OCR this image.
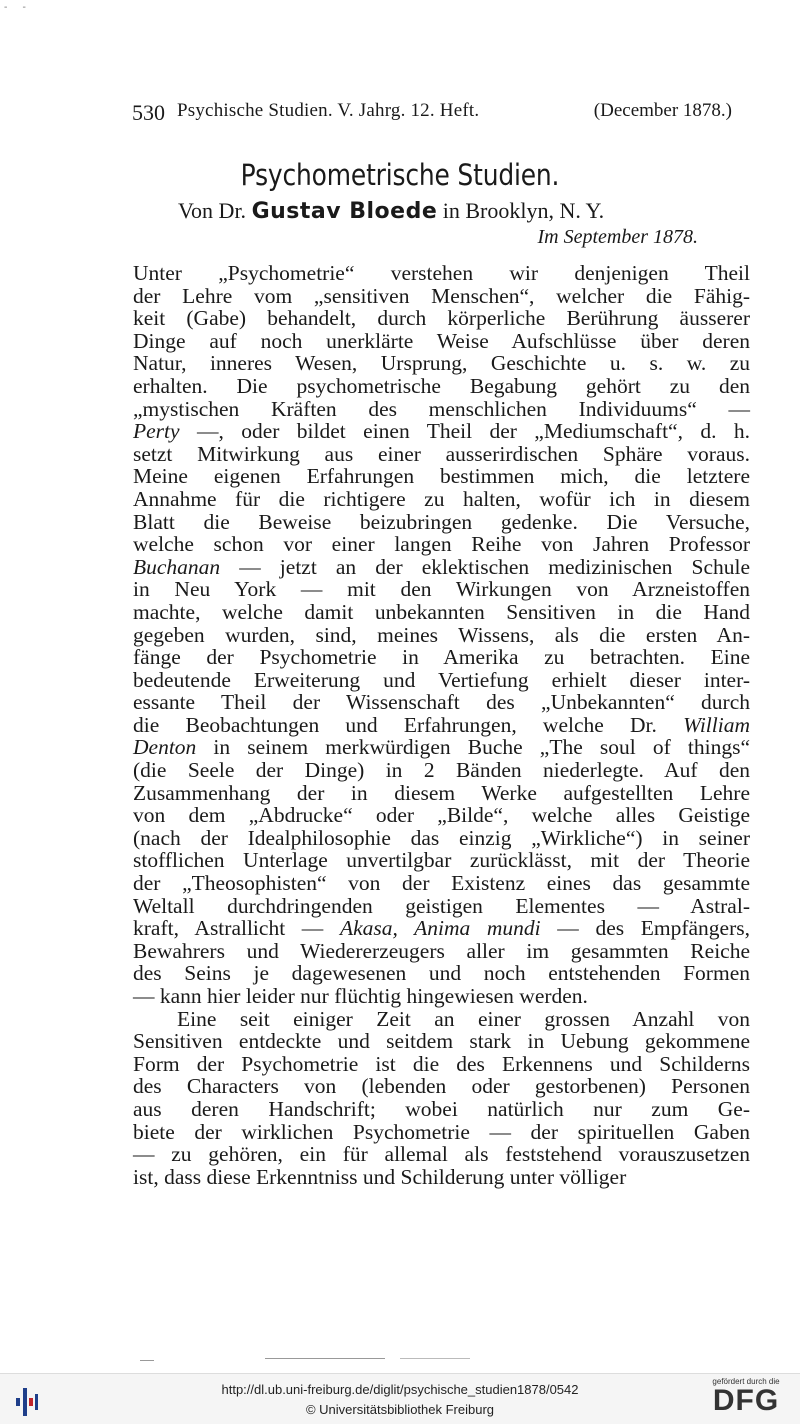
- -
530 Psychische Studien. V. Jahrg. 12. Heft.	(December 1878.)
Psychometrische Studien.
Von Dr. Gustav Bloede in Brooklyn, N. Y.
Im September 1878.
Unter „Psychometrie“ verstehen wir denjenigen Theil
der Lehre vom „sensitiven Menschen“, welcher die Fähig-
keit (Gabe) behandelt, durch körperliche Berührung äusserer
Dinge auf noch unerklärte Weise Aufschlüsse über deren
Natur, inneres Wesen, Ursprung, Geschichte u. s. w. zu
erhalten. Die psychometrische Begabung gehört zu den
„mystischen Kräften des menschlichen Individuums“ —
Perty —, oder bildet einen Theil der „Mediumschaft“, d. h.
setzt Mitwirkung aus einer ausserirdischen Sphäre voraus.
Meine eigenen Erfahrungen bestimmen mich, die letztere
Annahme für die richtigere zu halten, wofür ich in diesem
Blatt die Beweise beizubringen gedenke. Die Versuche,
welche schon vor einer langen Reihe von Jahren Professor
Buchanan — jetzt an der eklektischen medizinischen Schule
in Neu York — mit den Wirkungen von Arzneistoffen
machte, welche damit unbekannten Sensitiven in die Hand
gegeben wurden, sind, meines Wissens, als die ersten An-
fänge der Psychometrie in Amerika zu betrachten. Eine
bedeutende Erweiterung und Vertiefung erhielt dieser inter-
essante Theil der Wissenschaft des „Unbekannten“ durch
die Beobachtungen und Erfahrungen, welche Dr. William
Denton in seinem merkwürdigen Buche „The soul of things“
(die Seele der Dinge) in 2 Bänden niederlegte. Auf den
Zusammenhang der in diesem Werke aufgestellten Lehre
von dem „Abdrucke“ oder „Bilde“, welche alles Geistige
(nach der Idealphilosophie das einzig „Wirkliche“) in seiner
stofflichen Unterlage unvertilgbar zurücklässt, mit der Theorie
der „Theosophisten“ von der Existenz eines das gesammte
Weltall durchdringenden geistigen Elementes — Astral-
kraft, Astrallicht — Akasa, Anima mundi — des Empfängers,
Bewahrers und Wiedererzeugers aller im gesammten Reiche
des Seins je dagewesenen und noch entstehenden Formen
— kann hier leider nur flüchtig hingewiesen werden.
Eine seit einiger Zeit an einer grossen Anzahl von
Sensitiven entdeckte und seitdem stark in Uebung gekommene
Form der Psychometrie ist die des Erkennens und Schilderns
des Characters von (lebenden oder gestorbenen) Personen
aus deren Handschrift; wobei natürlich nur zum Ge-
biete der wirklichen Psychometrie — der spirituellen Gaben
— zu gehören, ein für allemal als feststehend vorauszusetzen
ist, dass diese Erkenntniss und Schilderung unter völliger
http://dl.ub.uni-freiburg.de/diglit/psychische_studien1878/0542
© Universitätsbibliothek Freiburg
gefördert durch die
DFG
